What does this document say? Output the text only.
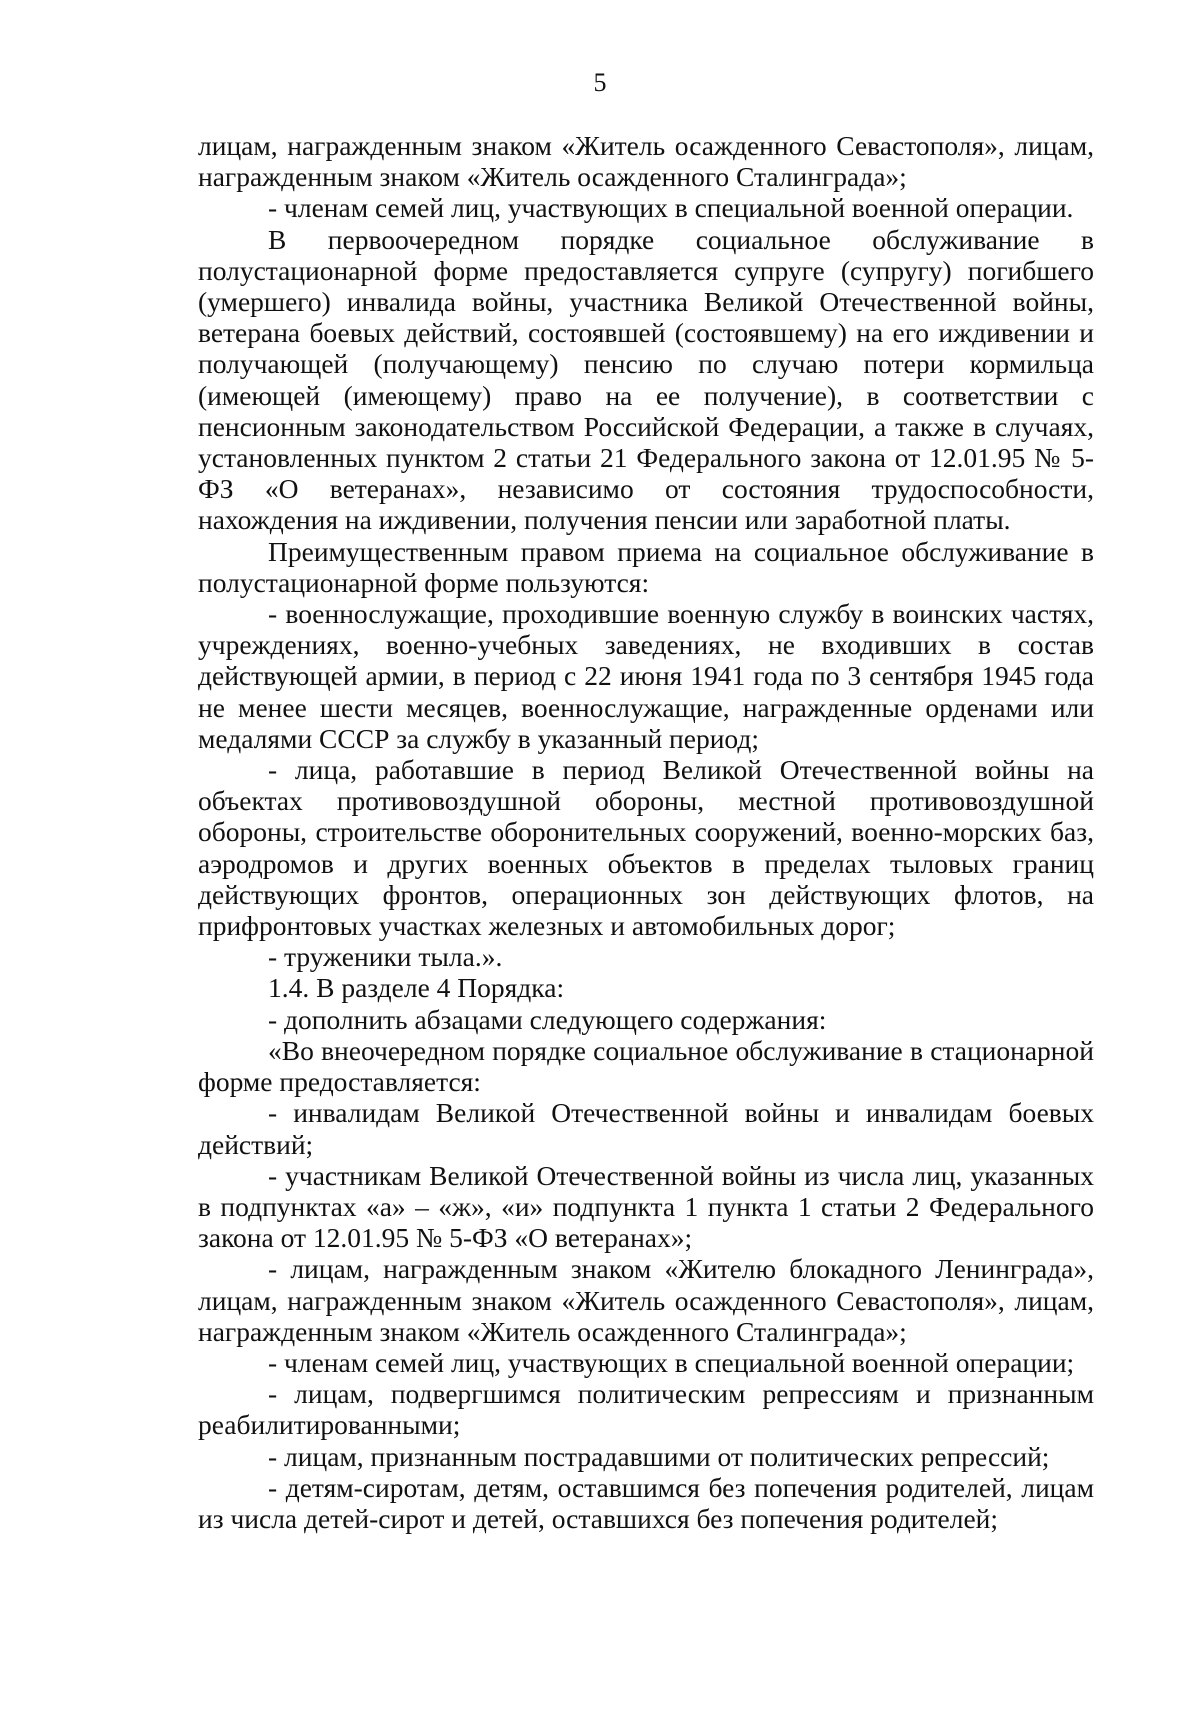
5

лицам, награжденным знаком «Житель осажденного Севастополя», лицам, награжденным знаком «Житель осажденного Сталинграда»;

- членам семей лиц, участвующих в специальной военной операции.

В первоочередном порядке социальное обслуживание в полустационарной форме предоставляется супруге (супругу) погибшего (умершего) инвалида войны, участника Великой Отечественной войны, ветерана боевых действий, состоявшей (состоявшему) на его иждивении и получающей (получающему) пенсию по случаю потери кормильца (имеющей (имеющему) право на ее получение), в соответствии с пенсионным законодательством Российской Федерации, а также в случаях, установленных пунктом 2 статьи 21 Федерального закона от 12.01.95 № 5-ФЗ «О ветеранах», независимо от состояния трудоспособности, нахождения на иждивении, получения пенсии или заработной платы.

Преимущественным правом приема на социальное обслуживание в полустационарной форме пользуются:

- военнослужащие, проходившие военную службу в воинских частях, учреждениях, военно-учебных заведениях, не входивших в состав действующей армии, в период с 22 июня 1941 года по 3 сентября 1945 года не менее шести месяцев, военнослужащие, награжденные орденами или медалями СССР за службу в указанный период;

- лица, работавшие в период Великой Отечественной войны на объектах противовоздушной обороны, местной противовоздушной обороны, строительстве оборонительных сооружений, военно-морских баз, аэродромов и других военных объектов в пределах тыловых границ действующих фронтов, операционных зон действующих флотов, на прифронтовых участках железных и автомобильных дорог;

- труженики тыла.».

1.4. В разделе 4 Порядка:

- дополнить абзацами следующего содержания:

«Во внеочередном порядке социальное обслуживание в стационарной форме предоставляется:

- инвалидам Великой Отечественной войны и инвалидам боевых действий;

- участникам Великой Отечественной войны из числа лиц, указанных в подпунктах «а» – «ж», «и» подпункта 1 пункта 1 статьи 2 Федерального закона от 12.01.95 № 5-ФЗ «О ветеранах»;

- лицам, награжденным знаком «Жителю блокадного Ленинграда», лицам, награжденным знаком «Житель осажденного Севастополя», лицам, награжденным знаком «Житель осажденного Сталинграда»;

- членам семей лиц, участвующих в специальной военной операции;

- лицам, подвергшимся политическим репрессиям и признанным реабилитированными;

- лицам, признанным пострадавшими от политических репрессий;

- детям-сиротам, детям, оставшимся без попечения родителей, лицам из числа детей-сирот и детей, оставшихся без попечения родителей;
